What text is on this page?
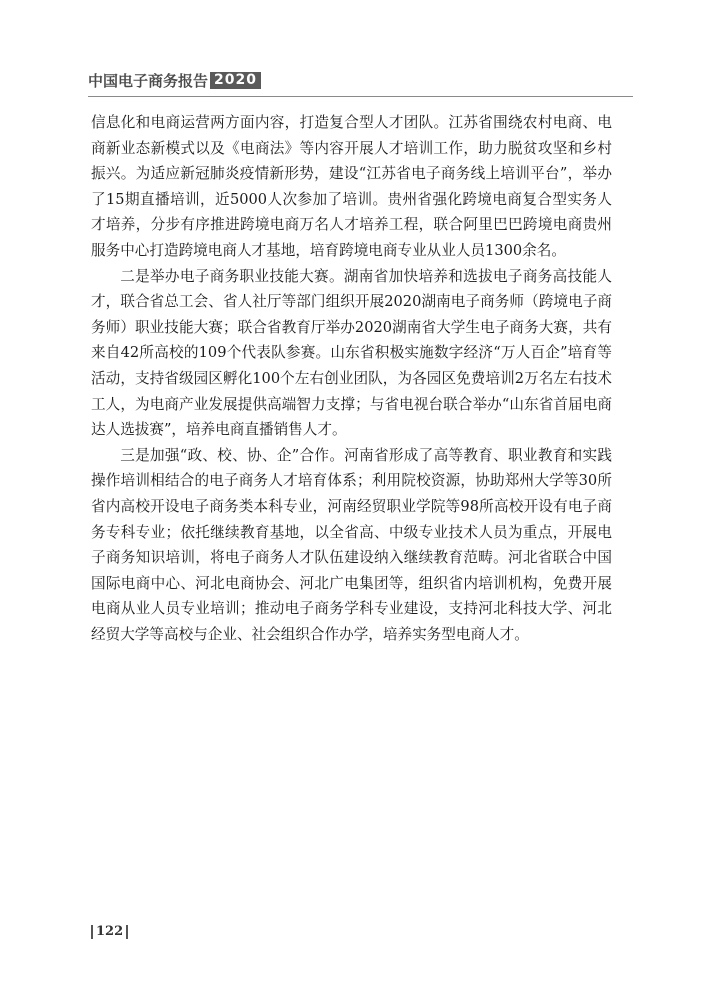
中国电子商务报告 2020

信息化和电商运营两方面内容，打造复合型人才团队。江苏省围绕农村电商、电商新业态新模式以及《电商法》等内容开展人才培训工作，助力脱贫攻坚和乡村振兴。为适应新冠肺炎疫情新形势，建设“江苏省电子商务线上培训平台”，举办了15期直播培训，近5000人次参加了培训。贵州省强化跨境电商复合型实务人才培养，分步有序推进跨境电商万名人才培养工程，联合阿里巴巴跨境电商贵州服务中心打造跨境电商人才基地，培育跨境电商专业从业人员1300余名。

二是举办电子商务职业技能大赛。湖南省加快培养和选拔电子商务高技能人才，联合省总工会、省人社厅等部门组织开展2020湖南电子商务师（跨境电子商务师）职业技能大赛；联合省教育厅举办2020湖南省大学生电子商务大赛，共有来自42所高校的109个代表队参赛。山东省积极实施数字经济“万人百企”培育等活动，支持省级园区孵化100个左右创业团队，为各园区免费培训2万名左右技术工人，为电商产业发展提供高端智力支撑；与省电视台联合举办“山东省首届电商达人选拔赛”，培养电商直播销售人才。

三是加强“政、校、协、企”合作。河南省形成了高等教育、职业教育和实践操作培训相结合的电子商务人才培育体系；利用院校资源，协助郑州大学等30所省内高校开设电子商务类本科专业，河南经贸职业学院等98所高校开设有电子商务专科专业；依托继续教育基地，以全省高、中级专业技术人员为重点，开展电子商务知识培训，将电子商务人才队伍建设纳入继续教育范畴。河北省联合中国国际电商中心、河北电商协会、河北广电集团等，组织省内培训机构，免费开展电商从业人员专业培训；推动电子商务学科专业建设，支持河北科技大学、河北经贸大学等高校与企业、社会组织合作办学，培养实务型电商人才。

122
